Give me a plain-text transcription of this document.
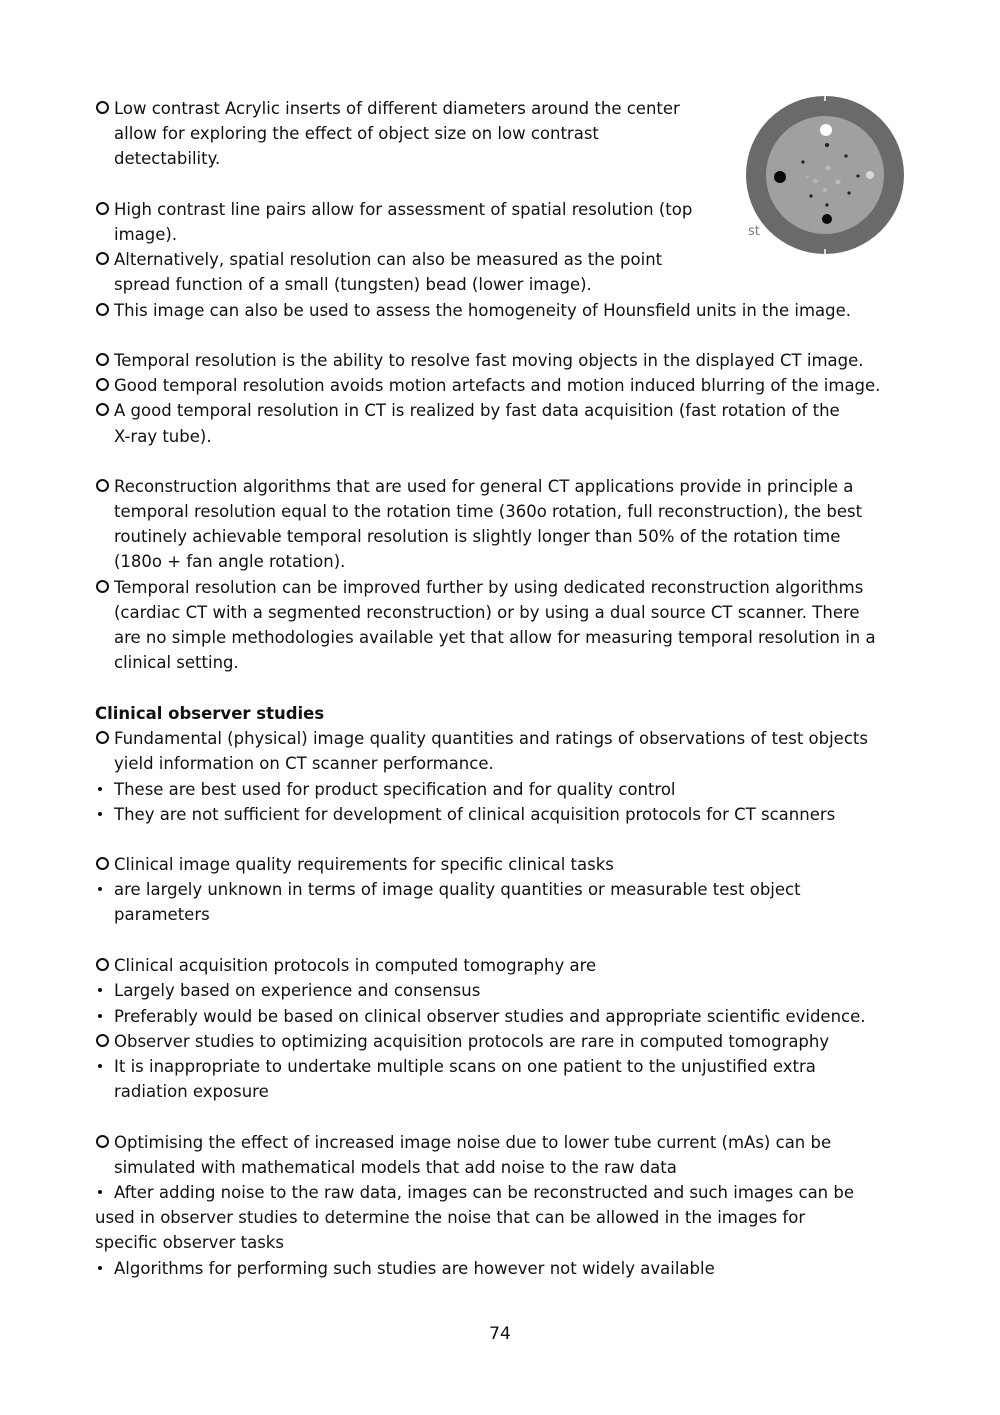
st
Low contrast Acrylic inserts of different diameters around the center
allow for exploring the effect of object size on low contrast
detectability.
High contrast line pairs allow for assessment of spatial resolution (top
image).
Alternatively, spatial resolution can also be measured as the point
spread function of a small (tungsten) bead (lower image).
This image can also be used to assess the homogeneity of Hounsfield units in the image.
Temporal resolution is the ability to resolve fast moving objects in the displayed CT image.
Good temporal resolution avoids motion artefacts and motion induced blurring of the image.
A good temporal resolution in CT is realized by fast data acquisition (fast rotation of the
X-ray tube).
Reconstruction algorithms that are used for general CT applications provide in principle a
temporal resolution equal to the rotation time (360o rotation, full reconstruction), the best
routinely achievable temporal resolution is slightly longer than 50% of the rotation time
(180o + fan angle rotation).
Temporal resolution can be improved further by using dedicated reconstruction algorithms
(cardiac CT with a segmented reconstruction) or by using a dual source CT scanner. There
are no simple methodologies available yet that allow for measuring temporal resolution in a
clinical setting.
Clinical observer studies
Fundamental (physical) image quality quantities and ratings of observations of test objects
yield information on CT scanner performance.
These are best used for product specification and for quality control
They are not sufficient for development of clinical acquisition protocols for CT scanners
Clinical image quality requirements for specific clinical tasks
are largely unknown in terms of image quality quantities or measurable test object
parameters
Clinical acquisition protocols in computed tomography are
Largely based on experience and consensus
Preferably would be based on clinical observer studies and appropriate scientific evidence.
Observer studies to optimizing acquisition protocols are rare in computed tomography
It is inappropriate to undertake multiple scans on one patient to the unjustified extra
radiation exposure
Optimising the effect of increased image noise due to lower tube current (mAs) can be
simulated with mathematical models that add noise to the raw data
After adding noise to the raw data, images can be reconstructed and such images can be
used in observer studies to determine the noise that can be allowed in the images for
specific observer tasks
Algorithms for performing such studies are however not widely available
74
